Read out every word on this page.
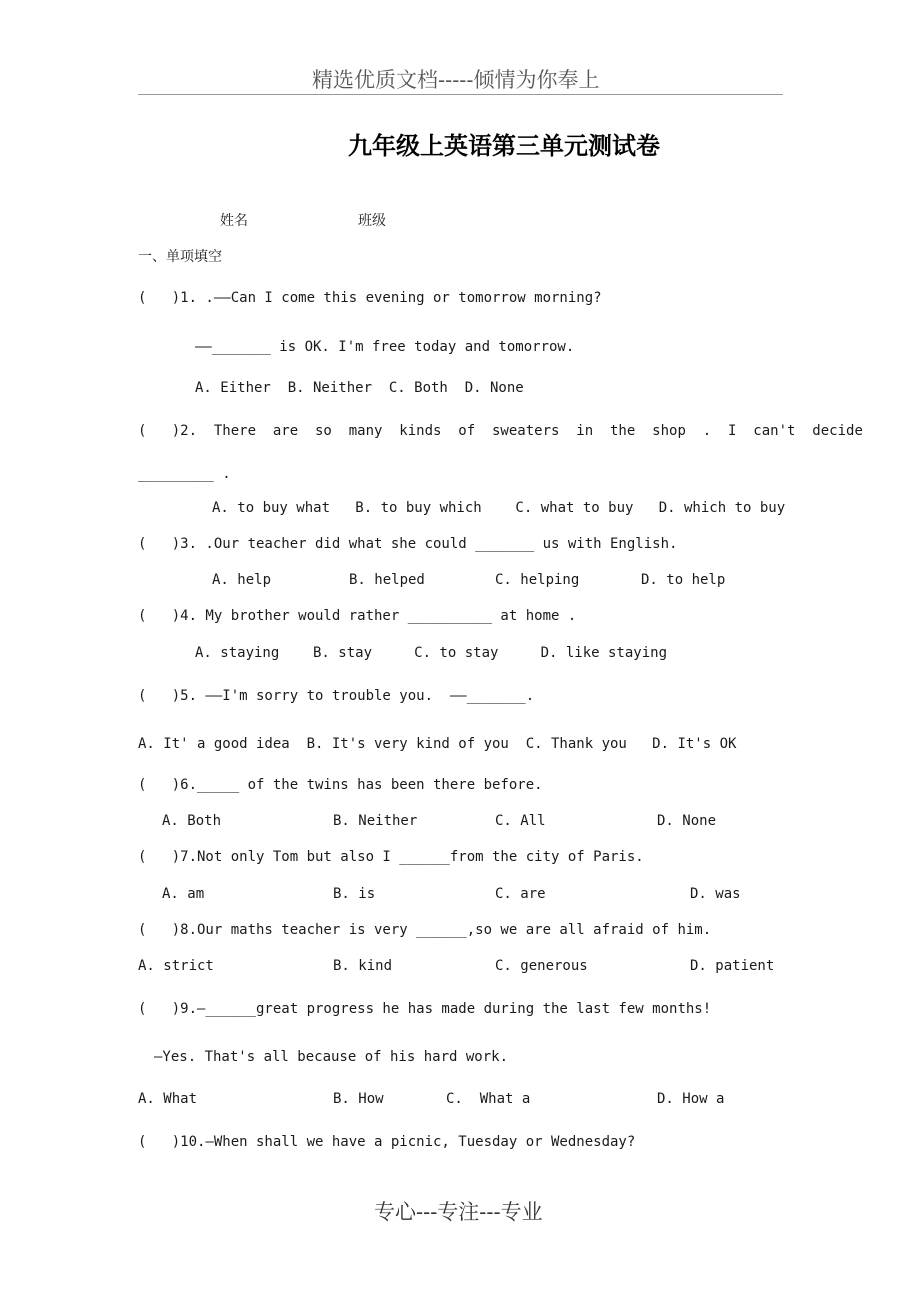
精选优质文档-----倾情为你奉上
九年级上英语第三单元测试卷
姓名	班级
一、单项填空
(   )1. .——Can I come this evening or tomorrow morning?
——_______ is OK. I'm free today and tomorrow.
A. Either  B. Neither  C. Both  D. None
(   )2.  There  are  so  many  kinds  of  sweaters  in  the  shop  .  I  can't  decide
_________ .
A. to buy what   B. to buy which    C. what to buy   D. which to buy
(   )3. .Our teacher did what she could _______ us with English.
A. help	B. helped	C. helping	D. to help
(   )4. My brother would rather __________ at home .
A. staying    B. stay     C. to stay     D. like staying
(   )5. ——I'm sorry to trouble you.  ——_______.
A. It' a good idea  B. It's very kind of you  C. Thank you   D. It's OK
(   )6._____ of the twins has been there before.
A. Both	B. Neither	C. All	D. None
(   )7.Not only Tom but also I ______from the city of Paris.
A. am	B. is	C. are	D. was
(   )8.Our maths teacher is very ______,so we are all afraid of him.
A. strict	B. kind	C. generous	D. patient
(   )9.—______great progress he has made during the last few months!
—Yes. That's all because of his hard work.
A. What	B. How	C.  What a	D. How a
(   )10.—When shall we have a picnic, Tuesday or Wednesday?
专心---专注---专业
